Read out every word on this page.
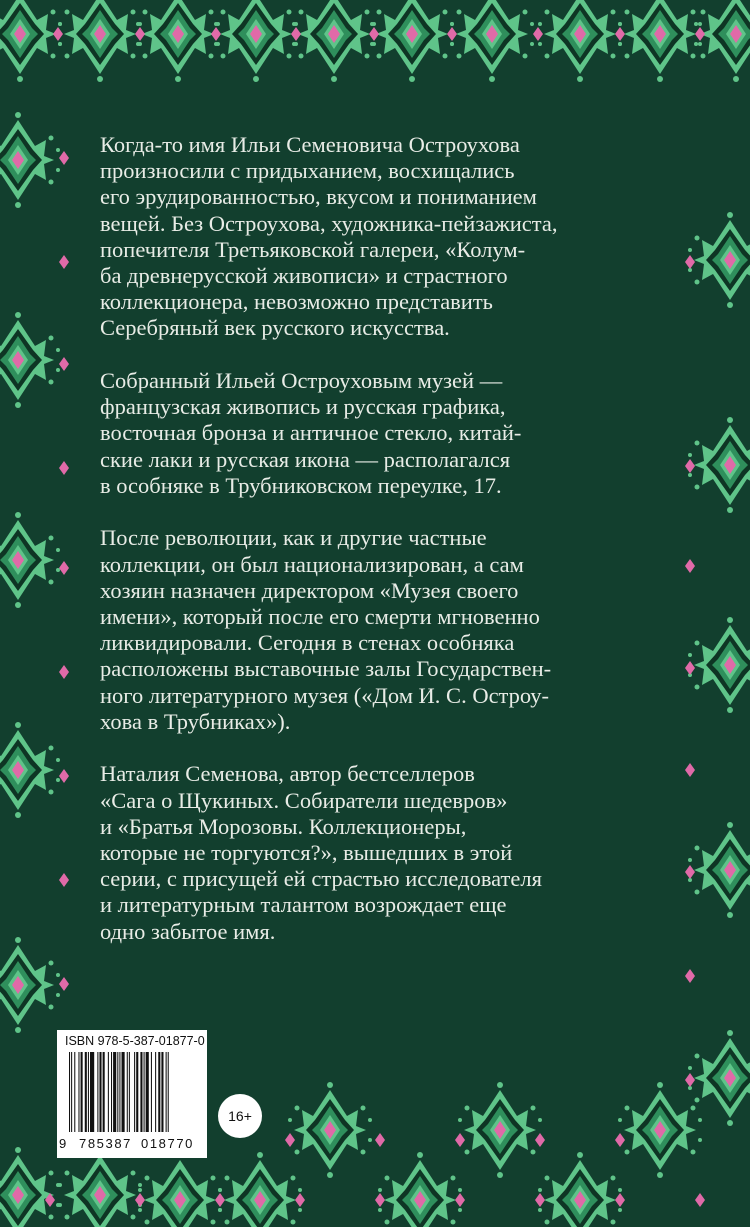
Когда-то имя Ильи Семеновича Остроухова
произносили с придыханием, восхищались
его эрудированностью, вкусом и пониманием
вещей. Без Остроухова, художника-пейзажиста,
попечителя Третьяковской галереи, «Колум-
ба древнерусской живописи» и страстного
коллекционера, невозможно представить
Серебряный век русского искусства.

Собранный Ильей Остроуховым музей —
французская живопись и русская графика,
восточная бронза и античное стекло, китай-
ские лаки и русская икона — располагался
в особняке в Трубниковском переулке, 17.

После революции, как и другие частные
коллекции, он был национализирован, а сам
хозяин назначен директором «Музея своего
имени», который после его смерти мгновенно
ликвидировали. Сегодня в стенах особняка
расположены выставочные залы Государствен-
ного литературного музея («Дом И. С. Остроу-
хова в Трубниках»).

Наталия Семенова, автор бестселлеров
«Сага о Щукиных. Собиратели шедевров»
и «Братья Морозовы. Коллекционеры,
которые не торгуются?», вышедших в этой
серии, с присущей ей страстью исследователя
и литературным талантом возрождает еще
одно забытое имя.

ISBN 978-5-387-01877-0
9 785387 018770
16+
